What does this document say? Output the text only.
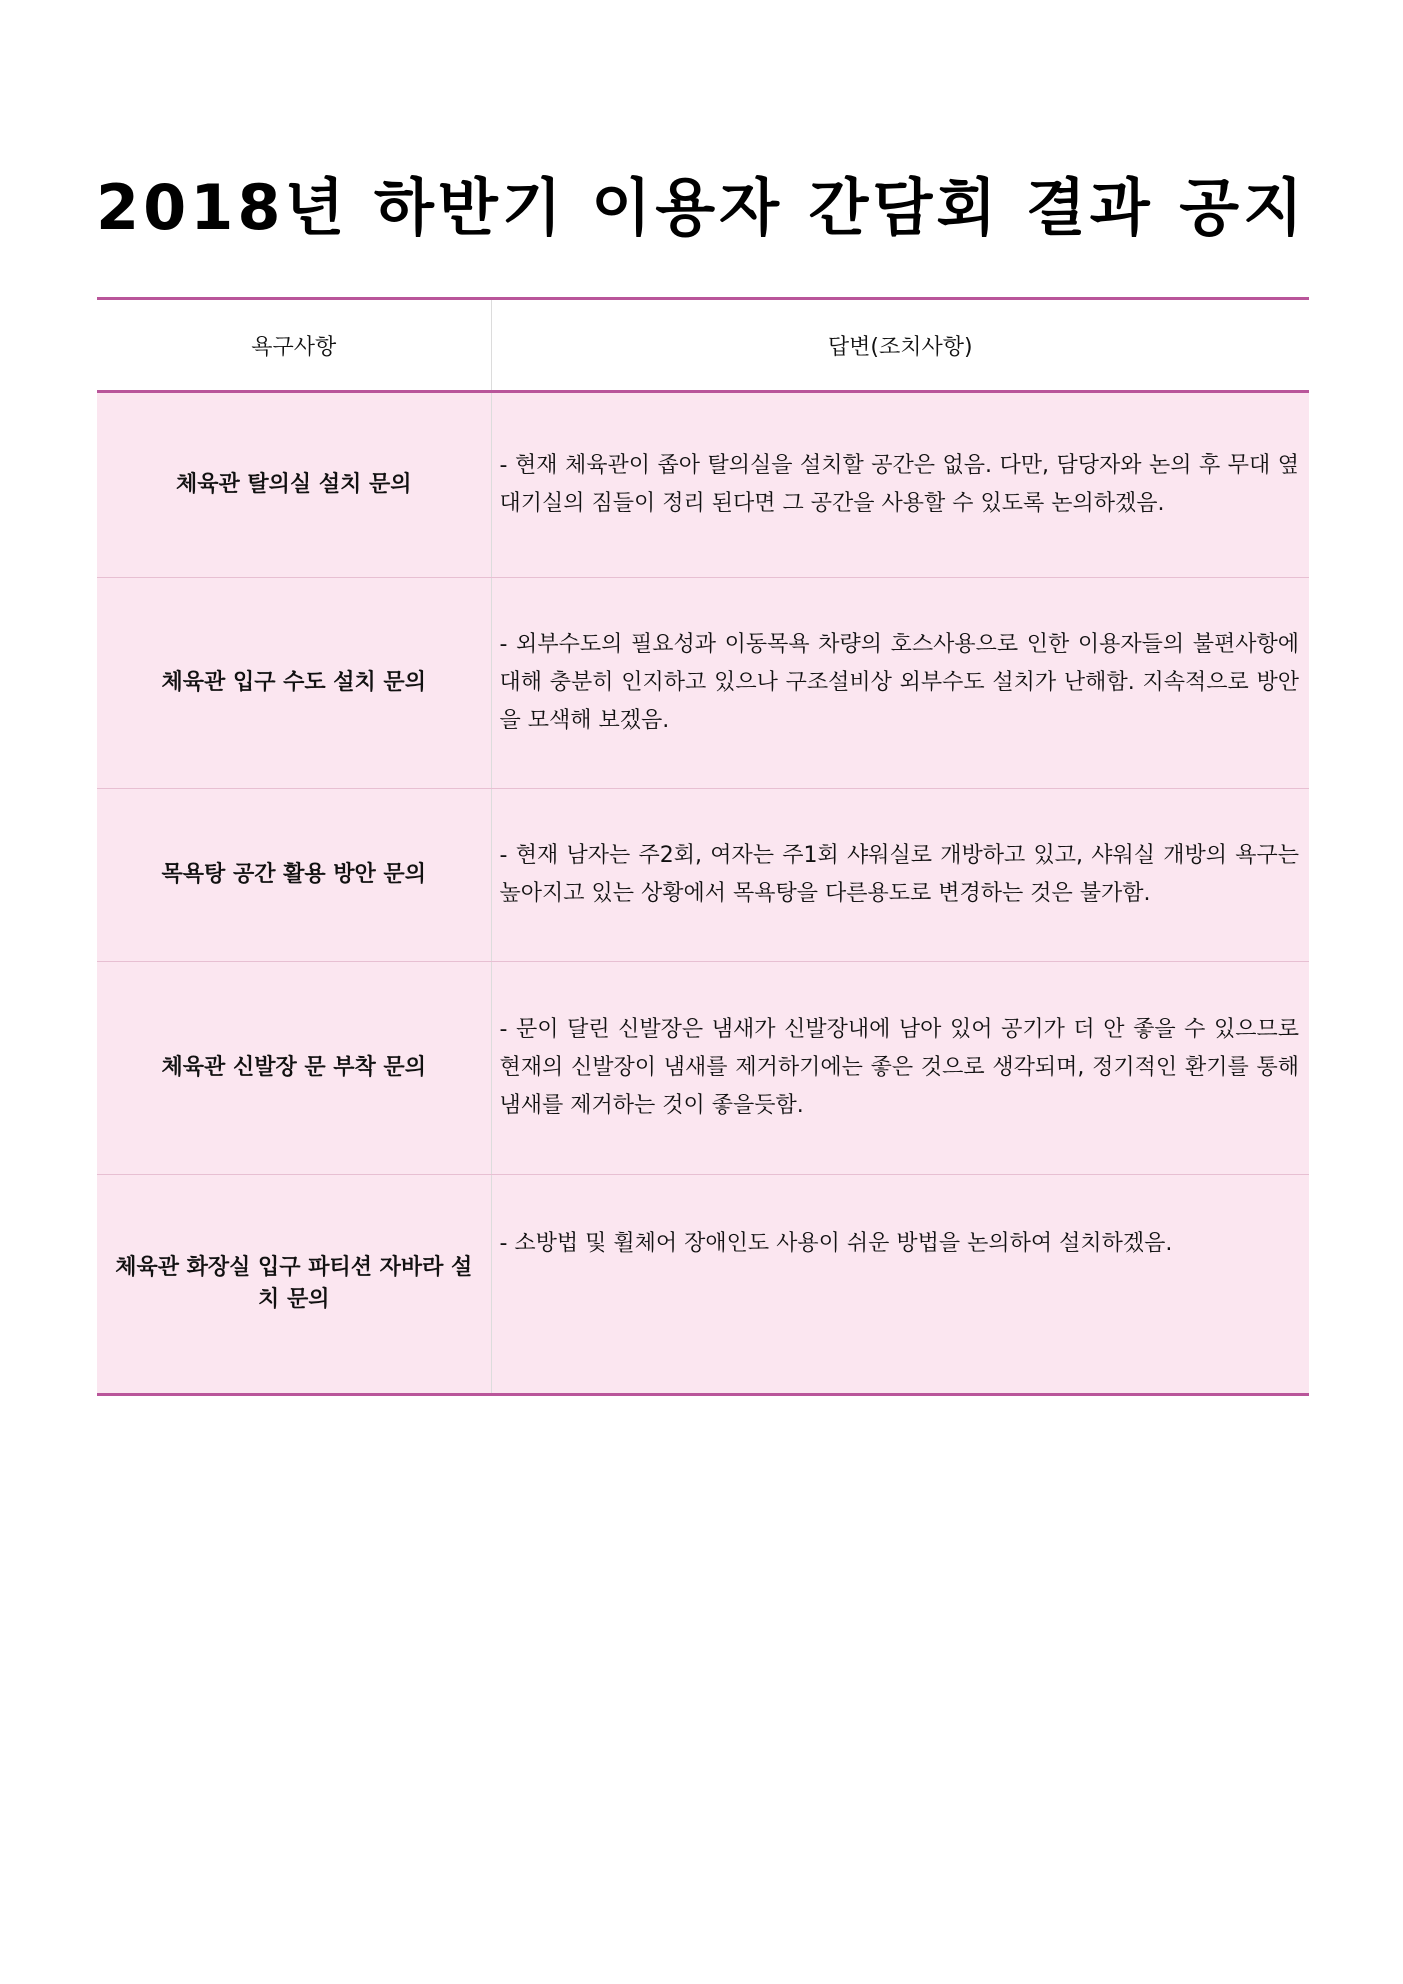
2018년 하반기 이용자 간담회 결과 공지
욕구사항	답변(조치사항)
체육관 탈의실 설치 문의	- 현재 체육관이 좁아 탈의실을 설치할 공간은 없음. 다만, 담당자와 논의 후 무대 옆 대기실의 짐들이 정리 된다면 그 공간을 사용할 수 있도록 논의하겠음.
체육관 입구 수도 설치 문의	- 외부수도의 필요성과 이동목욕 차량의 호스사용으로 인한 이용자들의 불편사항에 대해 충분히 인지하고 있으나 구조설비상 외부수도 설치가 난해함. 지속적으로 방안을 모색해 보겠음.
목욕탕 공간 활용 방안 문의	- 현재 남자는 주2회, 여자는 주1회 샤워실로 개방하고 있고, 샤워실 개방의 욕구는 높아지고 있는 상황에서 목욕탕을 다른용도로 변경하는 것은 불가함.
체육관 신발장 문 부착 문의	- 문이 달린 신발장은 냄새가 신발장내에 남아 있어 공기가 더 안 좋을 수 있으므로 현재의 신발장이 냄새를 제거하기에는 좋은 것으로 생각되며, 정기적인 환기를 통해 냄새를 제거하는 것이 좋을듯함.
체육관 화장실 입구 파티션 자바라 설치 문의	- 소방법 및 휠체어 장애인도 사용이 쉬운 방법을 논의하여 설치하겠음.
